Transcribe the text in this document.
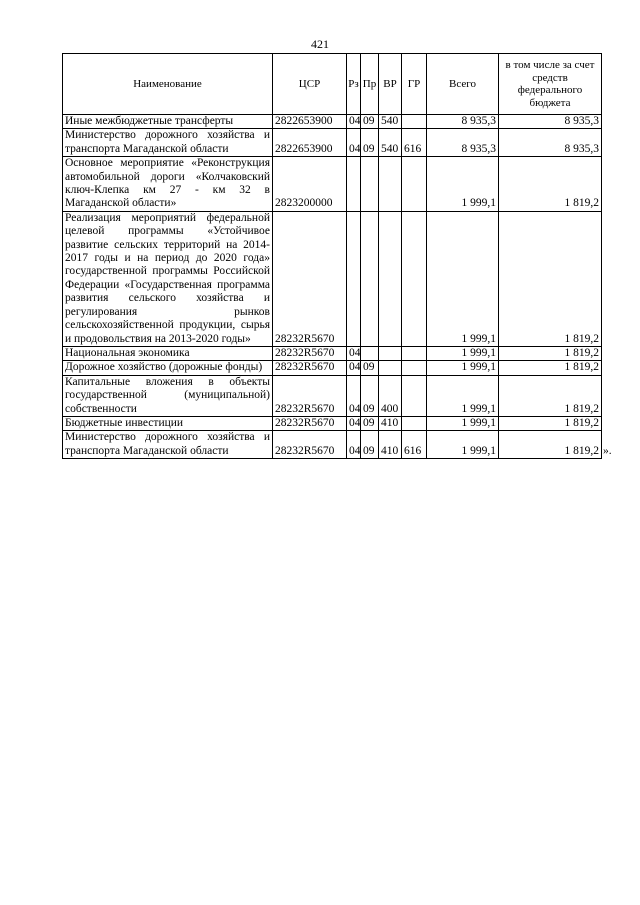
421
Наименование	ЦСР	Рз	Пр	ВР	ГР	Всего	в том числе за счет средств федерального бюджета
Иные межбюджетные трансферты	2822653900	04	09	540		8 935,3	8 935,3
Министерство дорожного хозяйства и транспорта Магаданской области	2822653900	04	09	540	616	8 935,3	8 935,3
Основное мероприятие «Реконструкция автомобильной дороги «Колчаковский ключ-Клепка км 27 - км 32 в Магаданской области»	2823200000					1 999,1	1 819,2
Реализация мероприятий федеральной целевой программы «Устойчивое развитие сельских территорий на 2014-2017 годы и на период до 2020 года» государственной программы Российской Федерации «Государственная программа развития сельского хозяйства и регулирования рынков сельскохозяйственной продукции, сырья и продовольствия на 2013-2020 годы»	28232R5670					1 999,1	1 819,2
Национальная экономика	28232R5670	04				1 999,1	1 819,2
Дорожное хозяйство (дорожные фонды)	28232R5670	04	09			1 999,1	1 819,2
Капитальные вложения в объекты государственной (муниципальной) собственности	28232R5670	04	09	400		1 999,1	1 819,2
Бюджетные инвестиции	28232R5670	04	09	410		1 999,1	1 819,2
Министерство дорожного хозяйства и транспорта Магаданской области	28232R5670	04	09	410	616	1 999,1	1 819,2 ».
